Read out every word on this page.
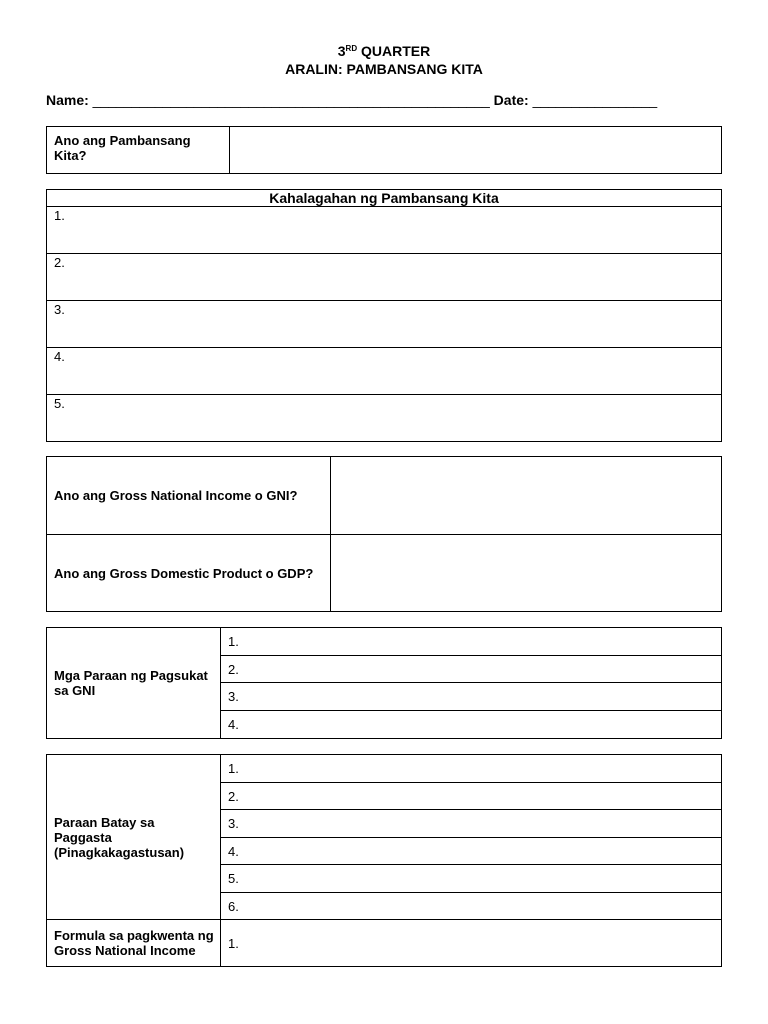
3RD QUARTER
ARALIN: PAMBANSANG KITA
Name: ___________________________________________________ Date: ________________
Ano ang Pambansang Kita?	
Kahalagahan ng Pambansang Kita
1.
2.
3.
4.
5.
Ano ang Gross National Income o GNI?	
Ano ang Gross Domestic Product o GDP?	
Mga Paraan ng Pagsukat sa GNI	1.
2.
3.
4.
Paraan Batay sa Paggasta (Pinagkakagastusan)	1.
	2.
	3.
	4.
	5.
	6.
Formula sa pagkwenta ng Gross National Income	1.
